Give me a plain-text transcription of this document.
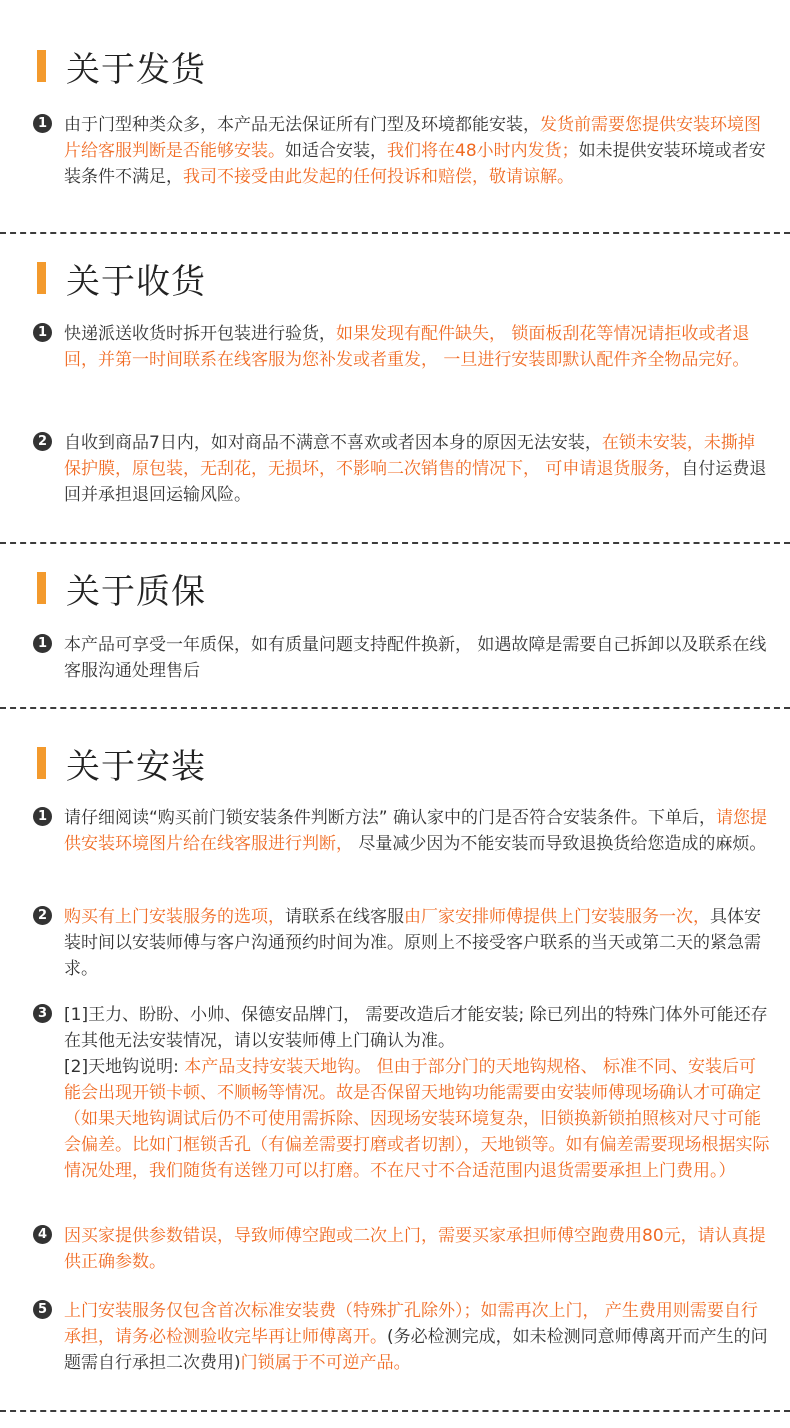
关于发货
1 由于门型种类众多，本产品无法保证所有门型及环境都能安装，发货前需要您提供安装环境图片给客服判断是否能够安装。如适合安装，我们将在48小时内发货；如未提供安装环境或者安装条件不满足，我司不接受由此发起的任何投诉和赔偿，敬请谅解。
关于收货
1 快递派送收货时拆开包装进行验货，如果发现有配件缺失， 锁面板刮花等情况请拒收或者退回，并第一时间联系在线客服为您补发或者重发， 一旦进行安装即默认配件齐全物品完好。
2 自收到商品7日内，如对商品不满意不喜欢或者因本身的原因无法安装，在锁未安装，未撕掉保护膜，原包装，无刮花，无损坏，不影响二次销售的情况下， 可申请退货服务，自付运费退回并承担退回运输风险。
关于质保
1 本产品可享受一年质保，如有质量问题支持配件换新， 如遇故障是需要自己拆卸以及联系在线客服沟通处理售后
关于安装
1 请仔细阅读“购买前门锁安装条件判断方法” 确认家中的门是否符合安装条件。下单后，请您提供安装环境图片给在线客服进行判断， 尽量减少因为不能安装而导致退换货给您造成的麻烦。
2 购买有上门安装服务的选项，请联系在线客服由厂家安排师傅提供上门安装服务一次，具体安装时间以安装师傅与客户沟通预约时间为准。原则上不接受客户联系的当天或第二天的紧急需求。
3 [1]王力、盼盼、小帅、保德安品牌门， 需要改造后才能安装; 除已列出的特殊门体外可能还存在其他无法安装情况，请以安装师傅上门确认为准。
[2]天地钩说明: 本产品支持安装天地钩。 但由于部分门的天地钩规格、 标准不同、安装后可能会出现开锁卡顿、不顺畅等情况。故是否保留天地钩功能需要由安装师傅现场确认才可确定（如果天地钩调试后仍不可使用需拆除、因现场安装环境复杂，旧锁换新锁拍照核对尺寸可能会偏差。比如门框锁舌孔（有偏差需要打磨或者切割），天地锁等。如有偏差需要现场根据实际情况处理，我们随货有送锉刀可以打磨。不在尺寸不合适范围内退货需要承担上门费用。）
4 因买家提供参数错误，导致师傅空跑或二次上门，需要买家承担师傅空跑费用80元，请认真提供正确参数。
5 上门安装服务仅包含首次标准安装费（特殊扩孔除外）；如需再次上门， 产生费用则需要自行承担，请务必检测验收完毕再让师傅离开。(务必检测完成，如未检测同意师傅离开而产生的问题需自行承担二次费用)门锁属于不可逆产品。
